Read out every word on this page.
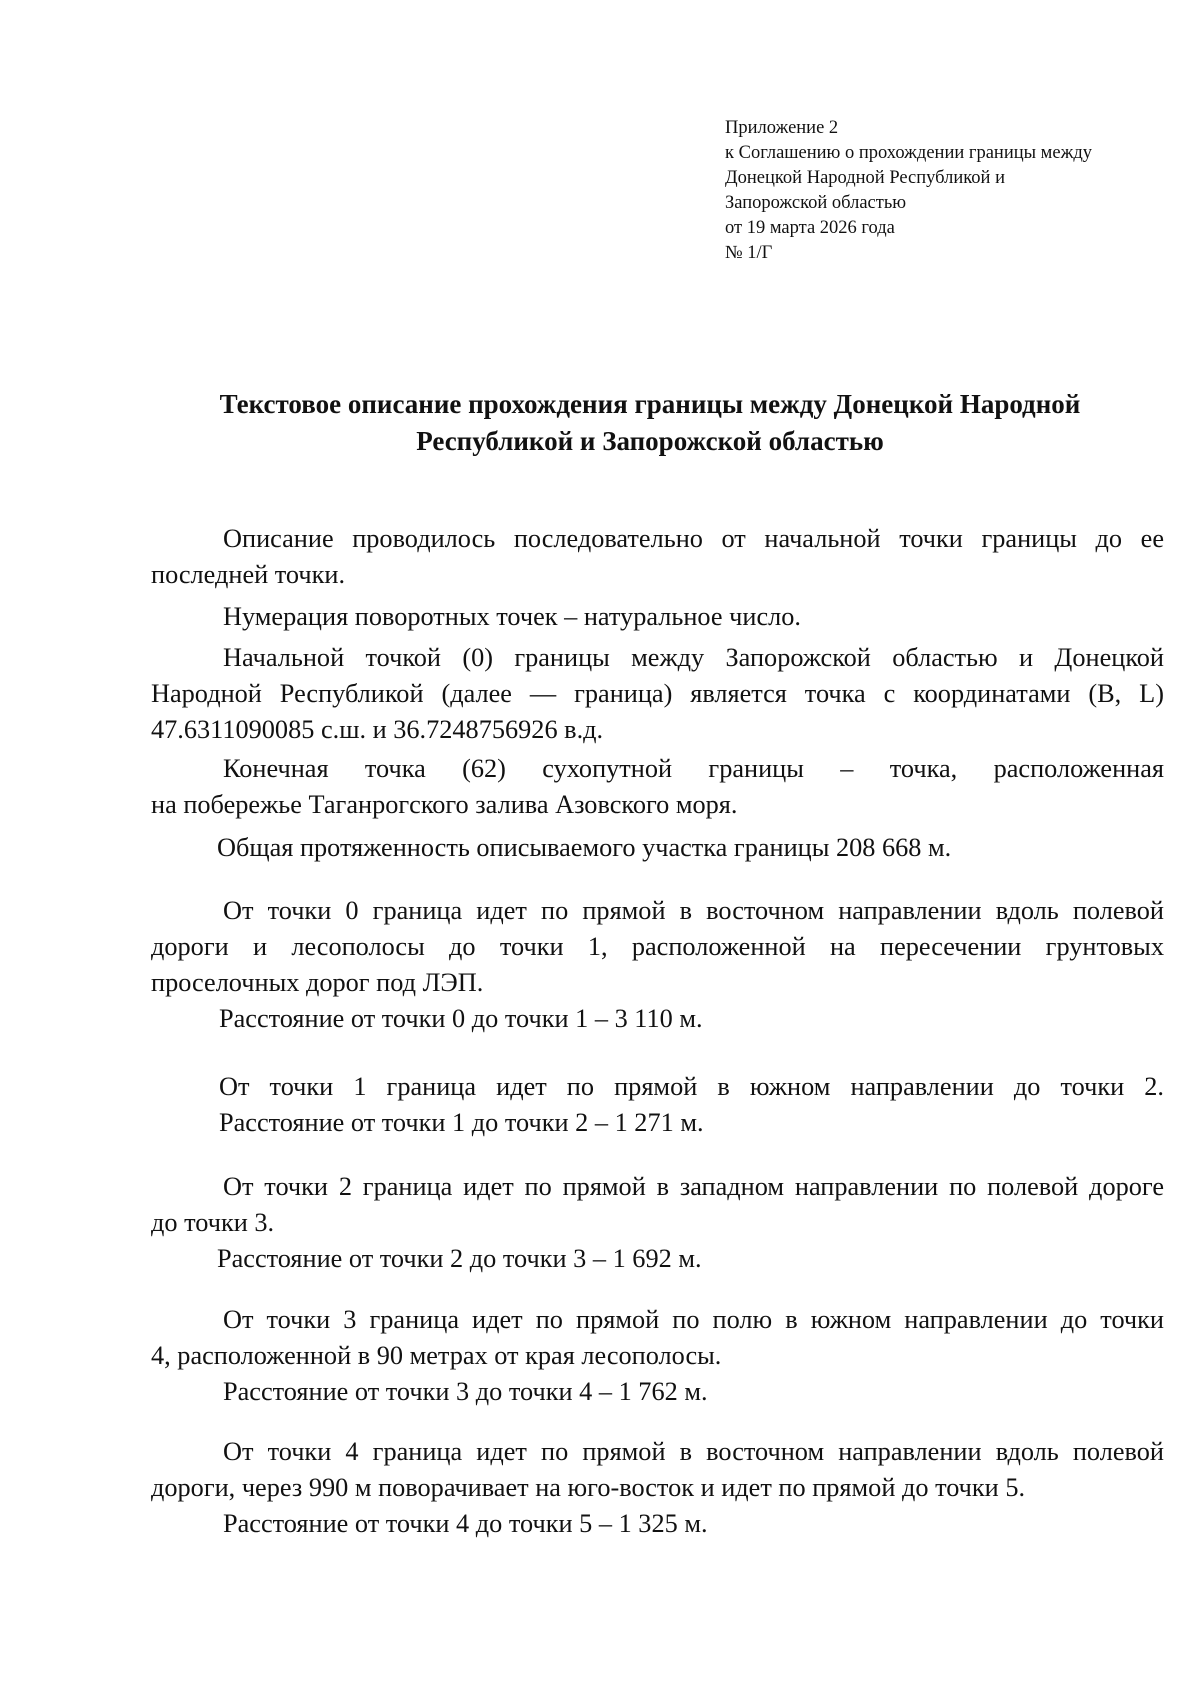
Приложение 2
к Соглашению о прохождении границы между
Донецкой Народной Республикой и
Запорожской областью
от 19 марта 2026 года
№ 1/Г
Текстовое описание прохождения границы между Донецкой Народной
Республикой и Запорожской областью
Описание проводилось последовательно от начальной точки границы до ее
последней точки.
Нумерация поворотных точек – натуральное число.
Начальной точкой (0) границы между Запорожской областью и Донецкой
Народной Республикой (далее — граница) является точка с координатами (B, L)
47.6311090085 с.ш. и 36.7248756926 в.д.
Конечная точка (62) сухопутной границы – точка, расположенная
на побережье Таганрогского залива Азовского моря.
Общая протяженность описываемого участка границы 208 668 м.
От точки 0 граница идет по прямой в восточном направлении вдоль полевой
дороги и лесополосы до точки 1, расположенной на пересечении грунтовых
проселочных дорог под ЛЭП.
Расстояние от точки 0 до точки 1 – 3 110 м.
От точки 1 граница идет по прямой в южном направлении до точки 2.
Расстояние от точки 1 до точки 2 – 1 271 м.
От точки 2 граница идет по прямой в западном направлении по полевой дороге
до точки 3.
Расстояние от точки 2 до точки 3 – 1 692 м.
От точки 3 граница идет по прямой по полю в южном направлении до точки
4, расположенной в 90 метрах от края лесополосы.
Расстояние от точки 3 до точки 4 – 1 762 м.
От точки 4 граница идет по прямой в восточном направлении вдоль полевой
дороги, через 990 м поворачивает на юго-восток и идет по прямой до точки 5.
Расстояние от точки 4 до точки 5 – 1 325 м.
